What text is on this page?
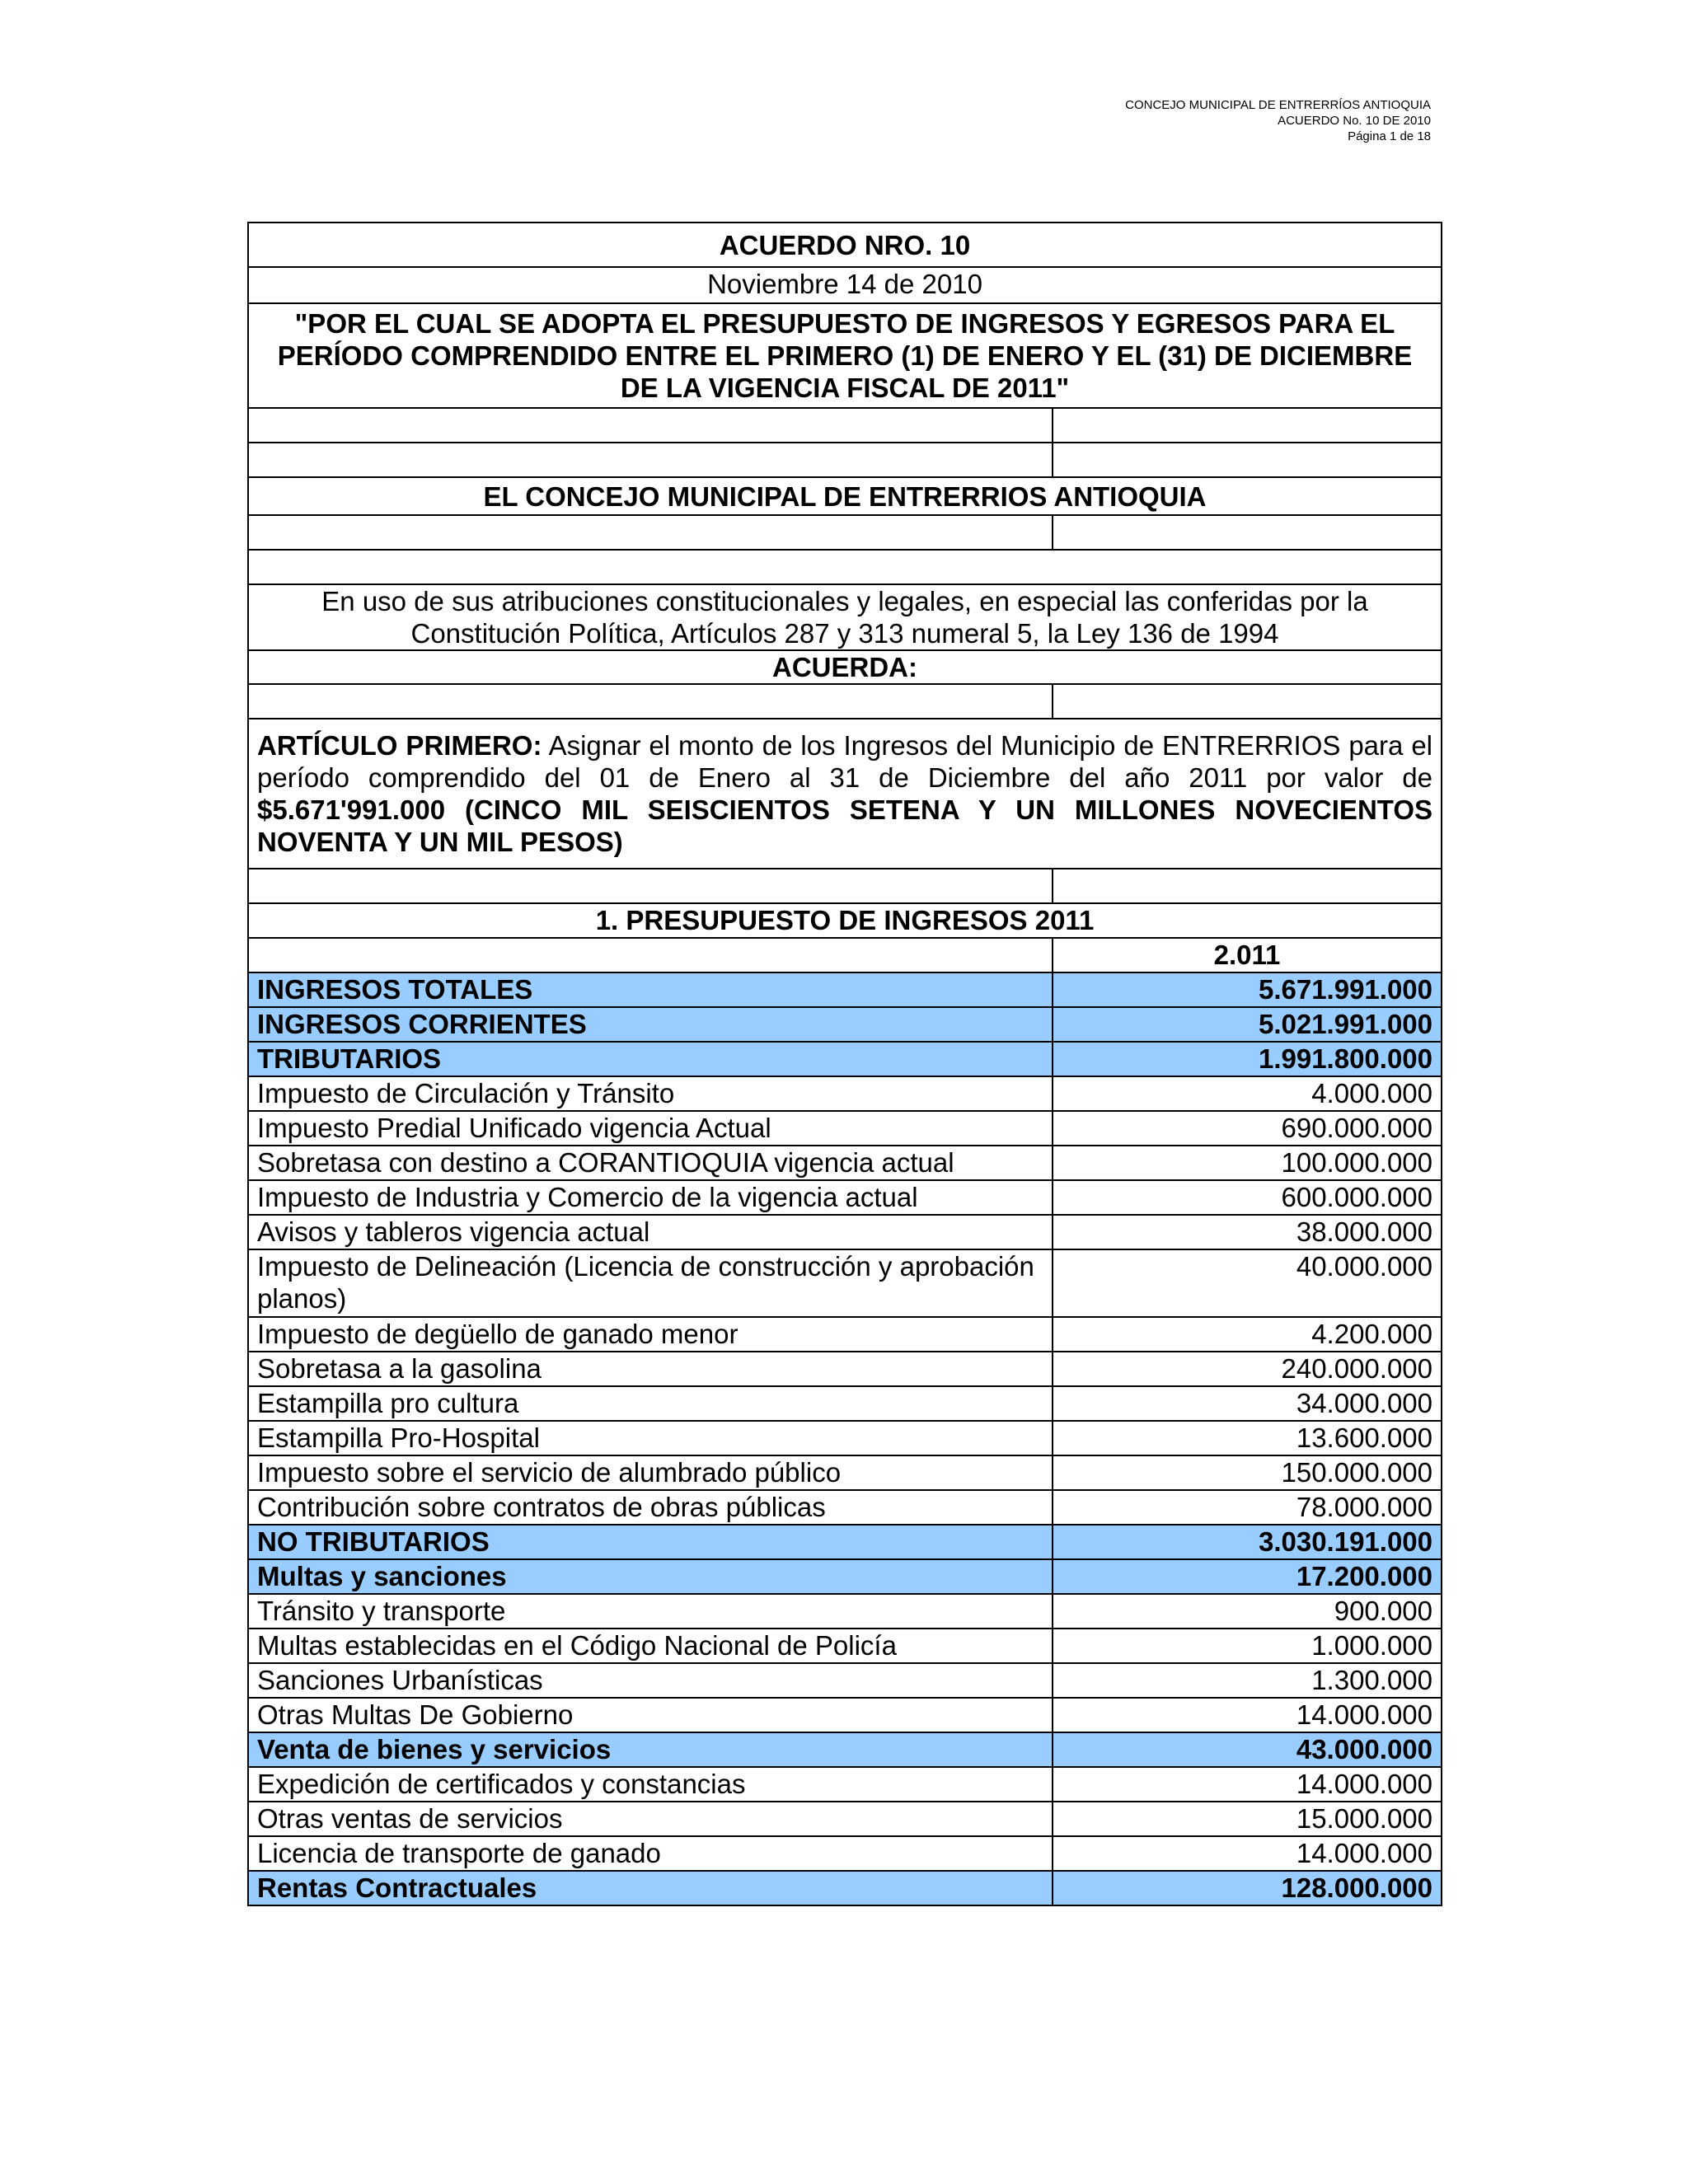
CONCEJO MUNICIPAL DE ENTRERRÍOS ANTIOQUIA
ACUERDO No. 10 DE 2010
Página 1 de 18
ACUERDO NRO. 10	
Noviembre 14 de 2010	
"POR EL CUAL SE ADOPTA EL PRESUPUESTO DE INGRESOS Y EGRESOS PARA EL PERÍODO COMPRENDIDO ENTRE EL PRIMERO (1) DE ENERO Y EL (31) DE DICIEMBRE DE LA VIGENCIA FISCAL DE 2011"	

EL CONCEJO MUNICIPAL DE ENTRERRIOS ANTIOQUIA	

En uso de sus atribuciones constitucionales y legales, en especial las conferidas por la Constitución Política, Artículos 287 y 313 numeral 5, la Ley 136 de 1994	
ACUERDA:	

ARTÍCULO PRIMERO: Asignar el monto de los Ingresos del Municipio de ENTRERRIOS para el período comprendido del 01 de Enero al 31 de Diciembre del año 2011 por valor de $5.671'991.000 (CINCO MIL SEISCIENTOS SETENA Y UN MILLONES NOVECIENTOS NOVENTA Y UN MIL PESOS)	

1. PRESUPUESTO DE INGRESOS 2011	
	2.011
INGRESOS TOTALES	5.671.991.000
INGRESOS CORRIENTES	5.021.991.000
TRIBUTARIOS	1.991.800.000
Impuesto de Circulación y Tránsito	4.000.000
Impuesto Predial Unificado vigencia Actual	690.000.000
Sobretasa con destino a CORANTIOQUIA vigencia actual	100.000.000
Impuesto de Industria y Comercio de la vigencia actual	600.000.000
Avisos y tableros vigencia actual	38.000.000
Impuesto de Delineación (Licencia de construcción y aprobación planos)	40.000.000
Impuesto de degüello de ganado menor	4.200.000
Sobretasa a la gasolina	240.000.000
Estampilla pro cultura	34.000.000
Estampilla Pro-Hospital	13.600.000
Impuesto sobre el servicio de alumbrado público	150.000.000
Contribución sobre contratos de obras públicas	78.000.000
NO TRIBUTARIOS	3.030.191.000
Multas y sanciones	17.200.000
Tránsito y transporte	900.000
Multas establecidas en el Código Nacional de Policía	1.000.000
Sanciones Urbanísticas	1.300.000
Otras Multas De Gobierno	14.000.000
Venta de bienes y servicios	43.000.000
Expedición de certificados y constancias	14.000.000
Otras ventas de servicios	15.000.000
Licencia de transporte de ganado	14.000.000
Rentas Contractuales	128.000.000
